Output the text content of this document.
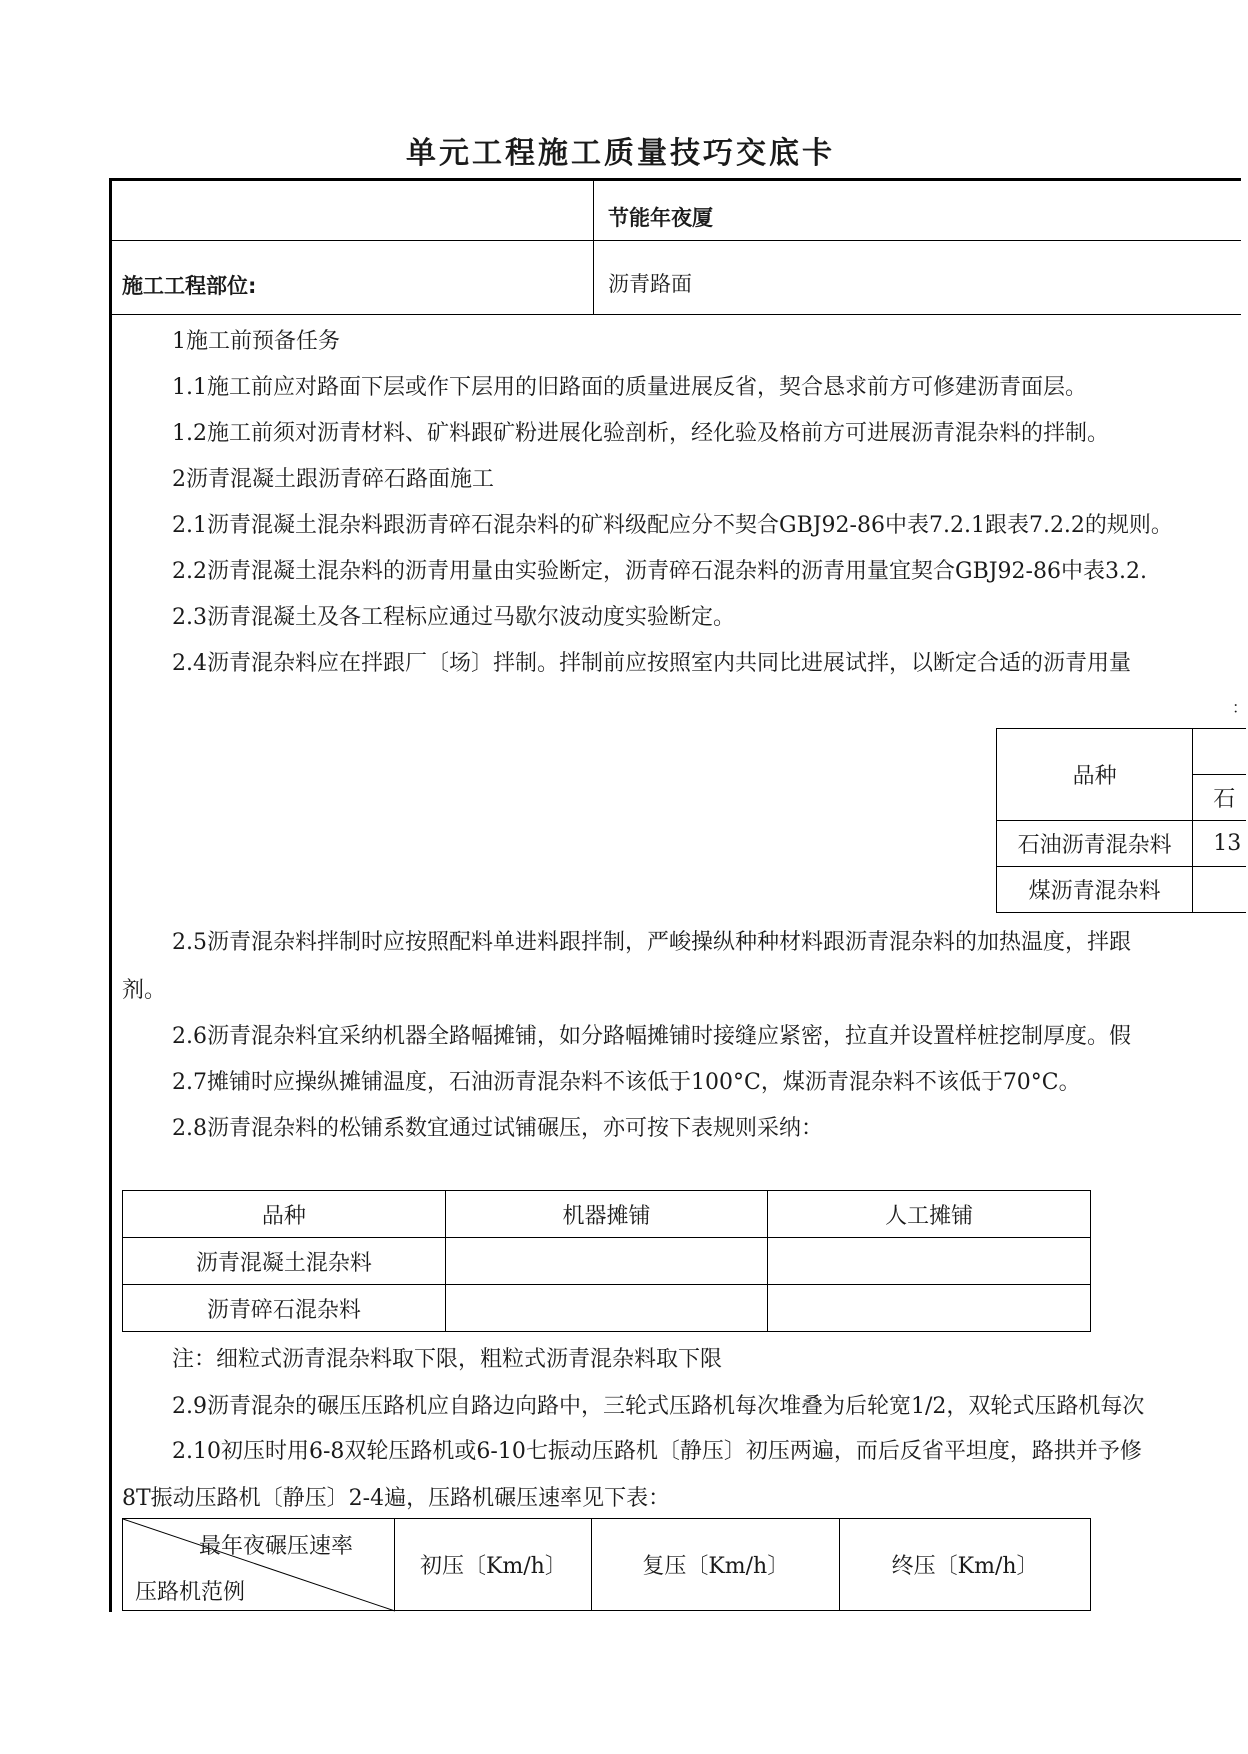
单元工程施工质量技巧交底卡
节能年夜厦
施工工程部位:	沥青路面
1施工前预备任务
1.1施工前应对路面下层或作下层用的旧路面的质量进展反省，契合恳求前方可修建沥青面层。
1.2施工前须对沥青材料、矿料跟矿粉进展化验剖析，经化验及格前方可进展沥青混杂料的拌制。
2沥青混凝土跟沥青碎石路面施工
2.1沥青混凝土混杂料跟沥青碎石混杂料的矿料级配应分不契合GBJ92-86中表7.2.1跟表7.2.2的规则。
2.2沥青混凝土混杂料的沥青用量由实验断定，沥青碎石混杂料的沥青用量宜契合GBJ92-86中表3.2.
2.3沥青混凝土及各工程标应通过马歇尔波动度实验断定。
2.4沥青混杂料应在拌跟厂〔场〕拌制。拌制前应按照室内共同比进展试拌，以断定合适的沥青用量
：
品种	
	石
石油沥青混杂料	13
煤沥青混杂料	
2.5沥青混杂料拌制时应按照配料单进料跟拌制，严峻操纵种种材料跟沥青混杂料的加热温度，拌跟
剂。
2.6沥青混杂料宜采纳机器全路幅摊铺，如分路幅摊铺时接缝应紧密，拉直并设置样桩挖制厚度。假
2.7摊铺时应操纵摊铺温度，石油沥青混杂料不该低于100°C，煤沥青混杂料不该低于70°C。
2.8沥青混杂料的松铺系数宜通过试铺碾压，亦可按下表规则采纳：
品种	机器摊铺	人工摊铺
沥青混凝土混杂料		
沥青碎石混杂料		
注：细粒式沥青混杂料取下限，粗粒式沥青混杂料取下限
2.9沥青混杂的碾压压路机应自路边向路中，三轮式压路机每次堆叠为后轮宽1/2，双轮式压路机每次
2.10初压时用6-8双轮压路机或6-10七振动压路机〔静压〕初压两遍，而后反省平坦度，路拱并予修
8T振动压路机〔静压〕2-4遍，压路机碾压速率见下表：
最年夜碾压速率
压路机范例
	初压〔Km/h〕	复压〔Km/h〕	终压〔Km/h〕
